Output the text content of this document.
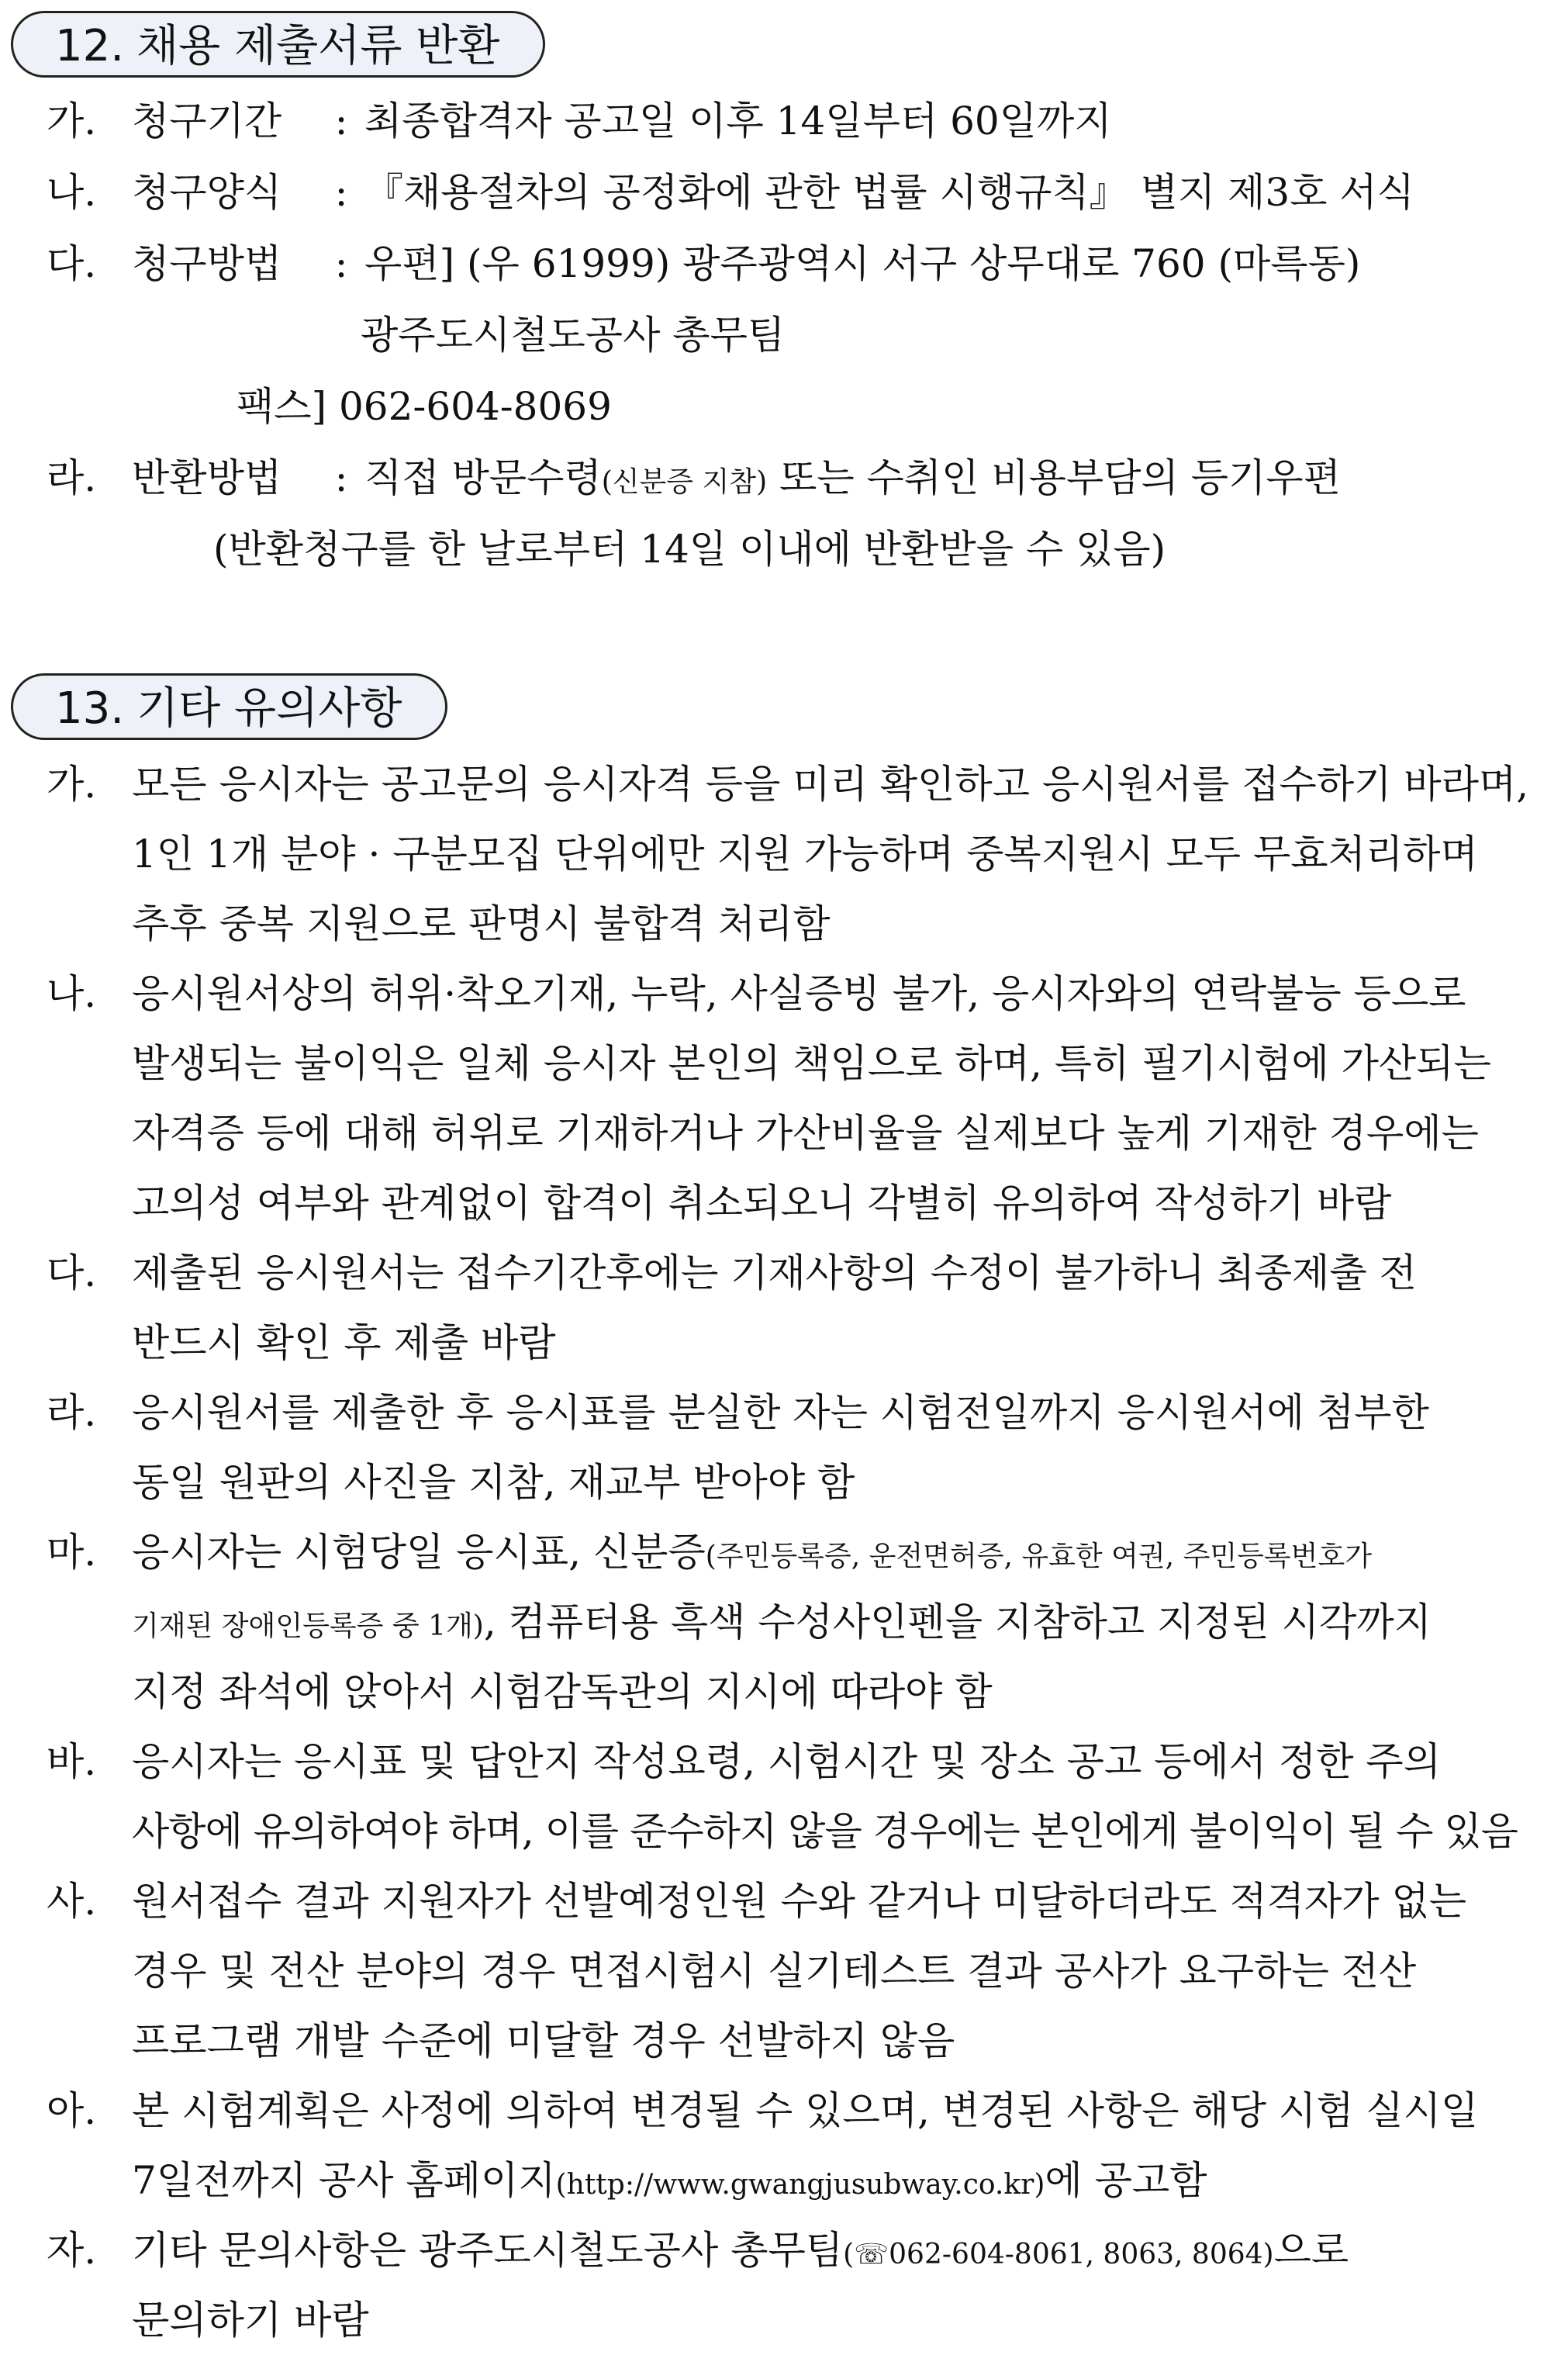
12. 채용 제출서류 반환
가. 청구기간 : 최종합격자 공고일 이후 14일부터 60일까지
나. 청구양식 : 『채용절차의 공정화에 관한 법률 시행규칙』 별지 제3호 서식
다. 청구방법 : 우편] (우 61999) 광주광역시 서구 상무대로 760 (마륵동)
광주도시철도공사 총무팀
팩스] 062-604-8069
라. 반환방법 : 직접 방문수령(신분증 지참) 또는 수취인 비용부담의 등기우편
(반환청구를 한 날로부터 14일 이내에 반환받을 수 있음)
13. 기타 유의사항
가. 모든 응시자는 공고문의 응시자격 등을 미리 확인하고 응시원서를 접수하기 바라며,
1인 1개 분야 · 구분모집 단위에만 지원 가능하며 중복지원시 모두 무효처리하며
추후 중복 지원으로 판명시 불합격 처리함
나. 응시원서상의 허위·착오기재, 누락, 사실증빙 불가, 응시자와의 연락불능 등으로
발생되는 불이익은 일체 응시자 본인의 책임으로 하며, 특히 필기시험에 가산되는
자격증 등에 대해 허위로 기재하거나 가산비율을 실제보다 높게 기재한 경우에는
고의성 여부와 관계없이 합격이 취소되오니 각별히 유의하여 작성하기 바람
다. 제출된 응시원서는 접수기간후에는 기재사항의 수정이 불가하니 최종제출 전
반드시 확인 후 제출 바람
라. 응시원서를 제출한 후 응시표를 분실한 자는 시험전일까지 응시원서에 첨부한
동일 원판의 사진을 지참, 재교부 받아야 함
마. 응시자는 시험당일 응시표, 신분증(주민등록증, 운전면허증, 유효한 여권, 주민등록번호가
기재된 장애인등록증 중 1개), 컴퓨터용 흑색 수성사인펜을 지참하고 지정된 시각까지
지정 좌석에 앉아서 시험감독관의 지시에 따라야 함
바. 응시자는 응시표 및 답안지 작성요령, 시험시간 및 장소 공고 등에서 정한 주의
사항에 유의하여야 하며, 이를 준수하지 않을 경우에는 본인에게 불이익이 될 수 있음
사. 원서접수 결과 지원자가 선발예정인원 수와 같거나 미달하더라도 적격자가 없는
경우 및 전산 분야의 경우 면접시험시 실기테스트 결과 공사가 요구하는 전산
프로그램 개발 수준에 미달할 경우 선발하지 않음
아. 본 시험계획은 사정에 의하여 변경될 수 있으며, 변경된 사항은 해당 시험 실시일
7일전까지 공사 홈페이지(http://www.gwangjusubway.co.kr)에 공고함
자. 기타 문의사항은 광주도시철도공사 총무팀(☏062-604-8061, 8063, 8064)으로
문의하기 바람
